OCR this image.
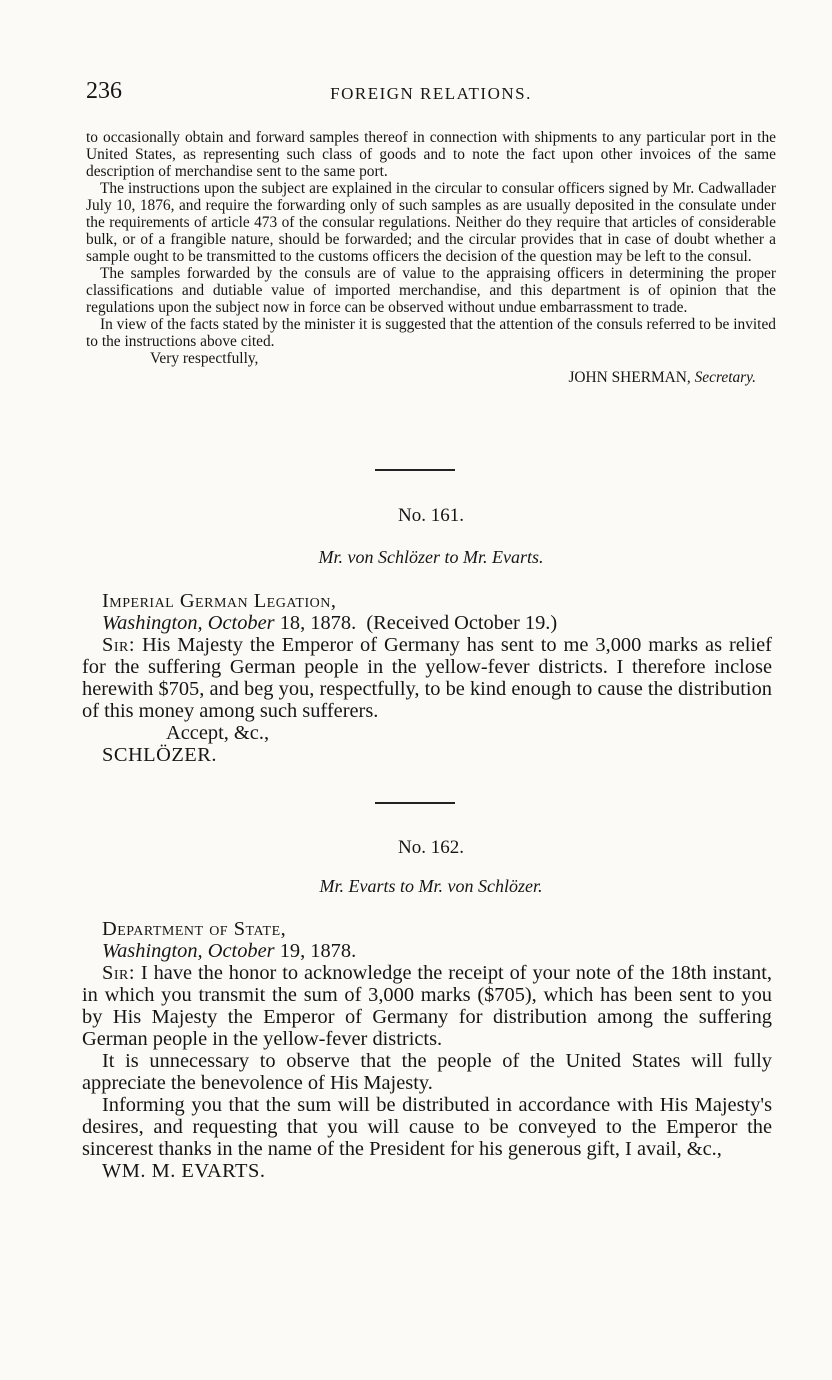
236	FOREIGN RELATIONS.

to occasionally obtain and forward samples thereof in connection with shipments to any particular port in the United States, as representing such class of goods and to note the fact upon other invoices of the same description of merchandise sent to the same port.

The instructions upon the subject are explained in the circular to consular officers signed by Mr. Cadwallader July 10, 1876, and require the forwarding only of such samples as are usually deposited in the consulate under the requirements of article 473 of the consular regulations. Neither do they require that articles of considerable bulk, or of a frangible nature, should be forwarded; and the circular provides that in case of doubt whether a sample ought to be transmitted to the customs officers the decision of the question may be left to the consul.

The samples forwarded by the consuls are of value to the appraising officers in determining the proper classifications and dutiable value of imported merchandise, and this department is of opinion that the regulations upon the subject now in force can be observed without undue embarrassment to trade.

In view of the facts stated by the minister it is suggested that the attention of the consuls referred to be invited to the instructions above cited.

Very respectfully,

JOHN SHERMAN, Secretary.

No. 161.
Mr. von Schlözer to Mr. Evarts.

Imperial German Legation,

Washington, October 18, 1878. (Received October 19.)

Sir: His Majesty the Emperor of Germany has sent to me 3,000 marks as relief for the suffering German people in the yellow-fever districts. I therefore inclose herewith $705, and beg you, respectfully, to be kind enough to cause the distribution of this money among such sufferers.

Accept, &c.,

SCHLÖZER.

No. 162.
Mr. Evarts to Mr. von Schlözer.

Department of State,

Washington, October 19, 1878.

Sir: I have the honor to acknowledge the receipt of your note of the 18th instant, in which you transmit the sum of 3,000 marks ($705), which has been sent to you by His Majesty the Emperor of Germany for distribution among the suffering German people in the yellow-fever districts.

It is unnecessary to observe that the people of the United States will fully appreciate the benevolence of His Majesty.

Informing you that the sum will be distributed in accordance with His Majesty's desires, and requesting that you will cause to be conveyed to the Emperor the sincerest thanks in the name of the President for his generous gift, I avail, &c.,

WM. M. EVARTS.
